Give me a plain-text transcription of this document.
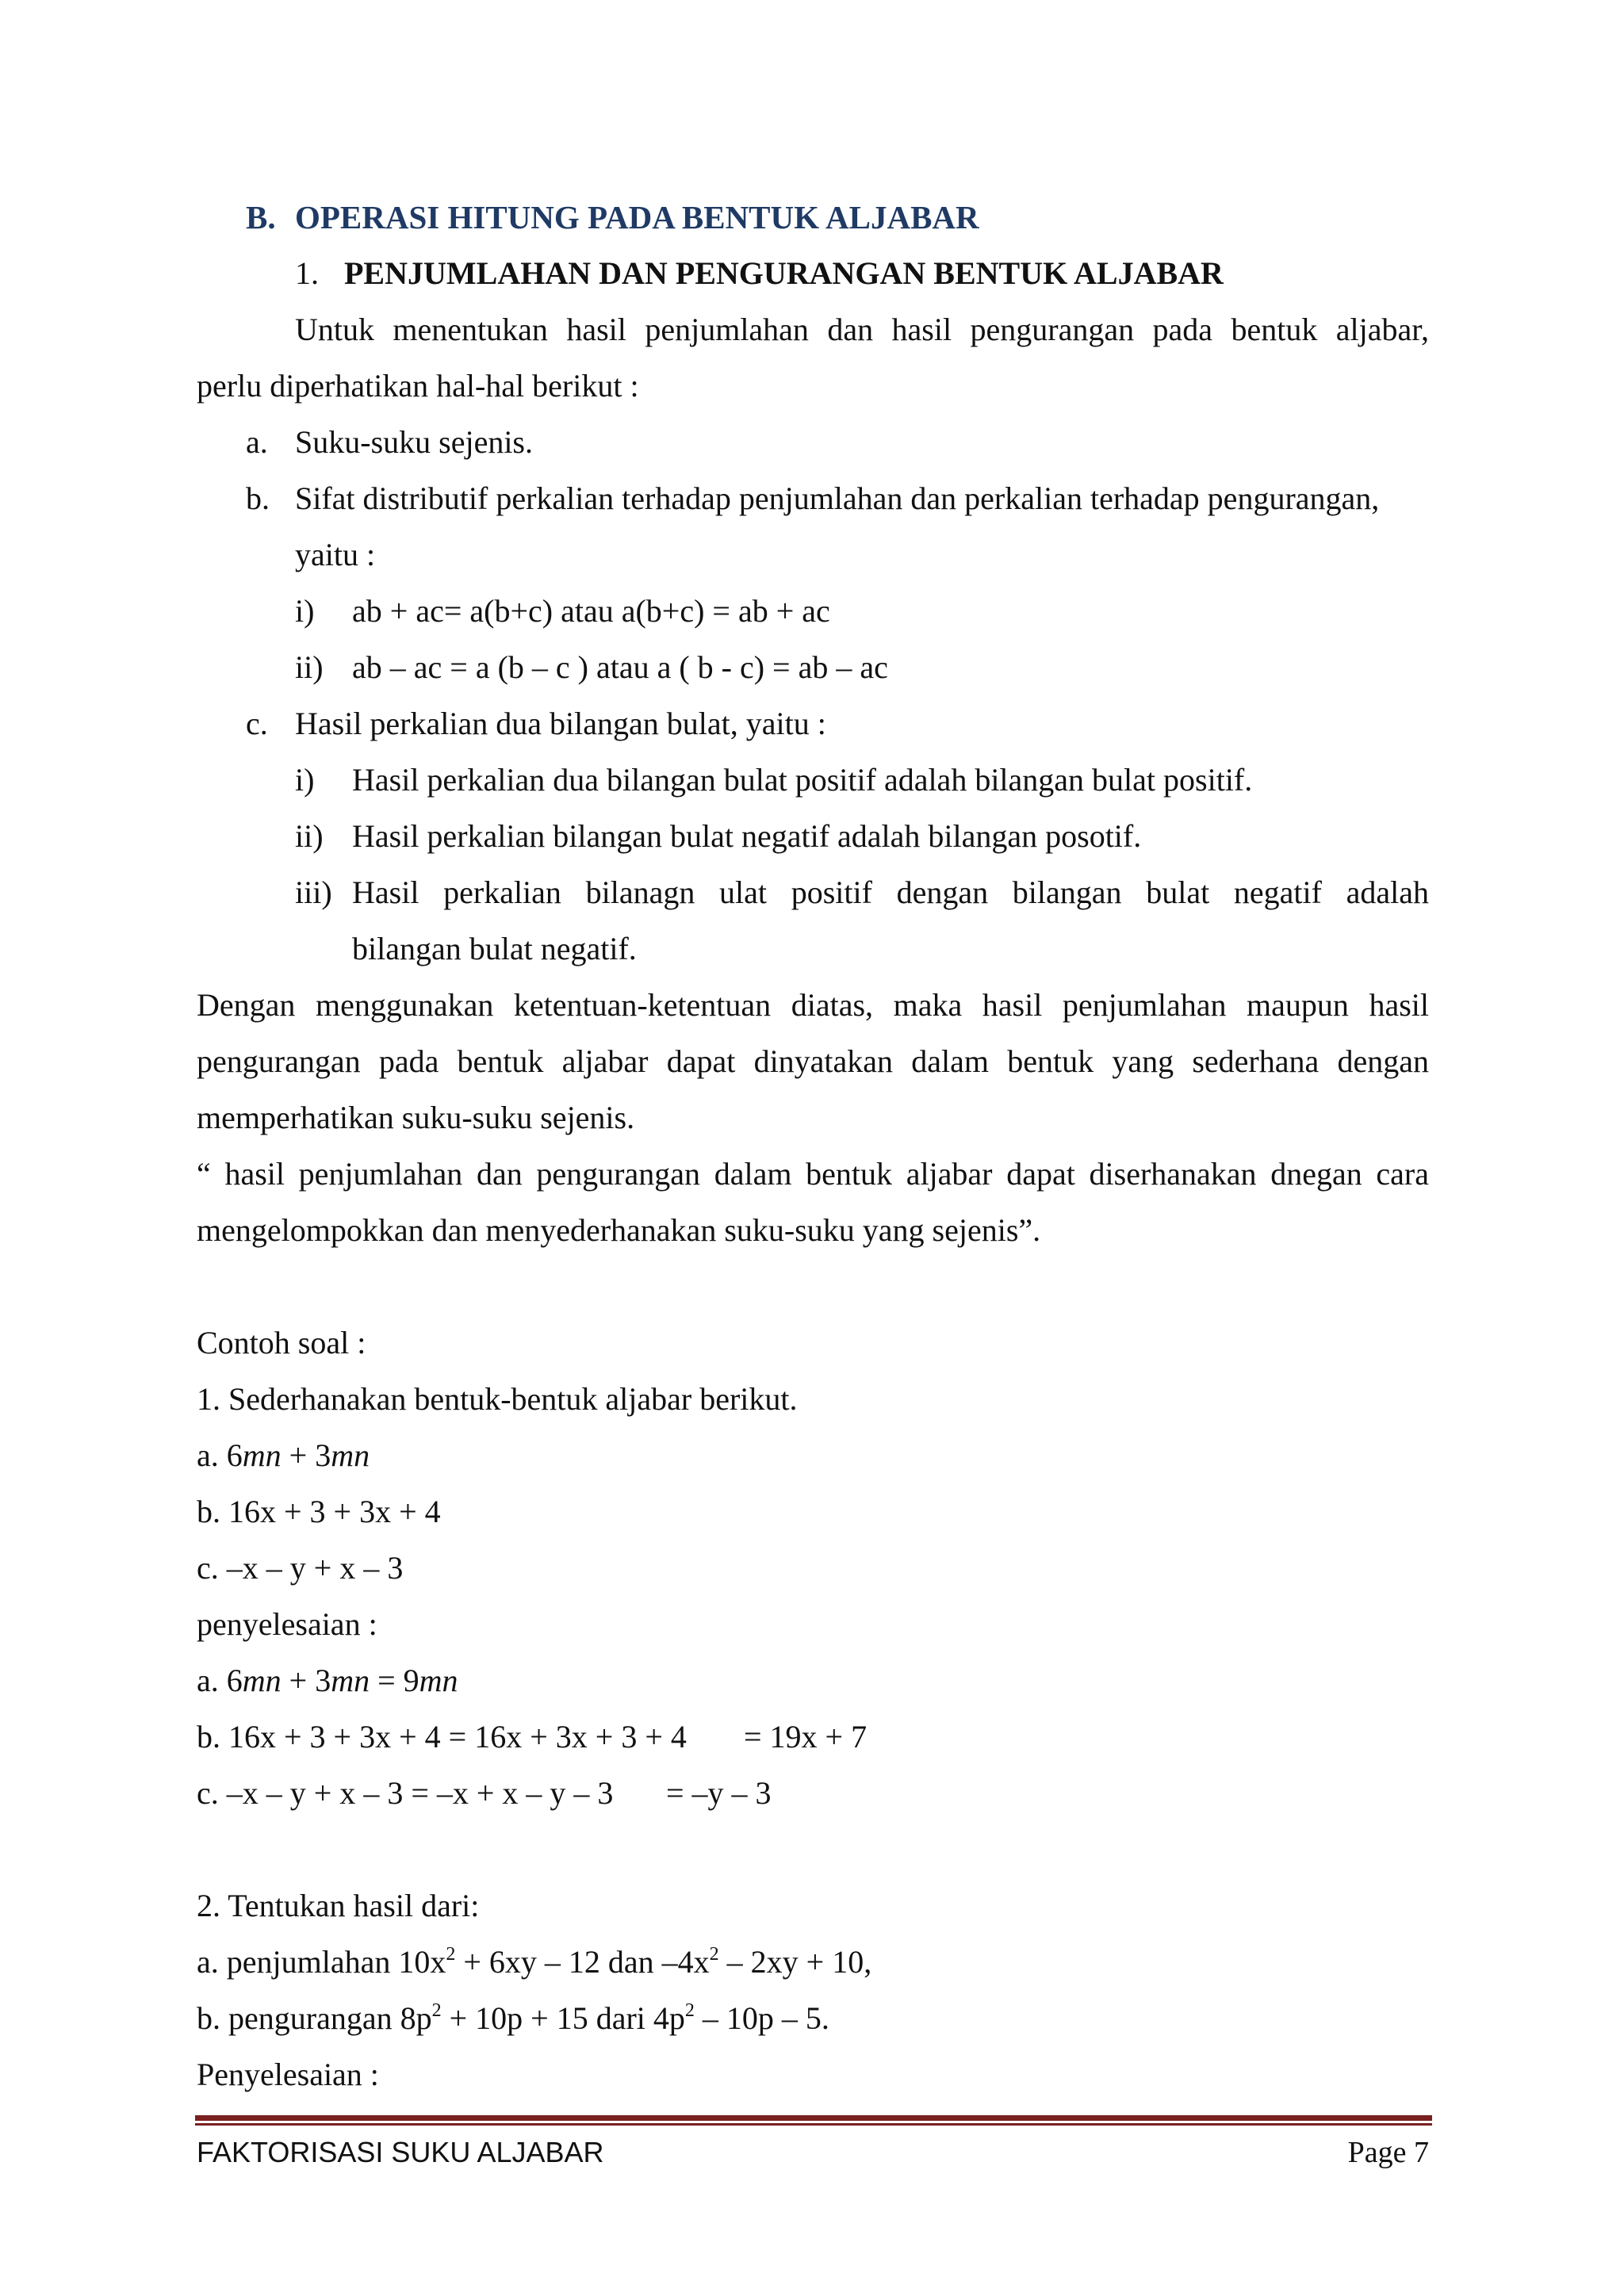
B. OPERASI HITUNG PADA BENTUK ALJABAR
1. PENJUMLAHAN DAN PENGURANGAN BENTUK ALJABAR
Untuk menentukan hasil penjumlahan dan hasil pengurangan pada bentuk aljabar,
perlu diperhatikan hal-hal berikut :
a. Suku-suku sejenis.
b. Sifat distributif perkalian terhadap penjumlahan dan perkalian terhadap pengurangan,
yaitu :
i) ab + ac= a(b+c) atau a(b+c) = ab + ac
ii) ab – ac = a (b – c ) atau a ( b - c) = ab – ac
c. Hasil perkalian dua bilangan bulat, yaitu :
i) Hasil perkalian dua bilangan bulat positif adalah bilangan bulat positif.
ii) Hasil perkalian bilangan bulat negatif adalah bilangan posotif.
iii) Hasil perkalian bilanagn ulat positif dengan bilangan bulat negatif adalah
bilangan bulat negatif.
Dengan menggunakan ketentuan-ketentuan diatas, maka hasil penjumlahan maupun hasil
pengurangan pada bentuk aljabar dapat dinyatakan dalam bentuk yang sederhana dengan
memperhatikan suku-suku sejenis.
“ hasil penjumlahan dan pengurangan dalam bentuk aljabar dapat diserhanakan dnegan cara
mengelompokkan dan menyederhanakan suku-suku yang sejenis”.
Contoh soal :
1. Sederhanakan bentuk-bentuk aljabar berikut.
a. 6mn + 3mn
b. 16x + 3 + 3x + 4
c. –x – y + x – 3
penyelesaian :
a. 6mn + 3mn = 9mn
b. 16x + 3 + 3x + 4 = 16x + 3x + 3 + 4 = 19x + 7
c. –x – y + x – 3 = –x + x – y – 3 = –y – 3
2. Tentukan hasil dari:
a. penjumlahan $10x^2 + 6xy - 12$ dan $-4x^2 - 2xy + 10$,
b. pengurangan $8p^2 + 10p + 15$ dari $4p^2 - 10p - 5$.
Penyelesaian :
FAKTORISASI SUKU ALJABAR	Page 7
